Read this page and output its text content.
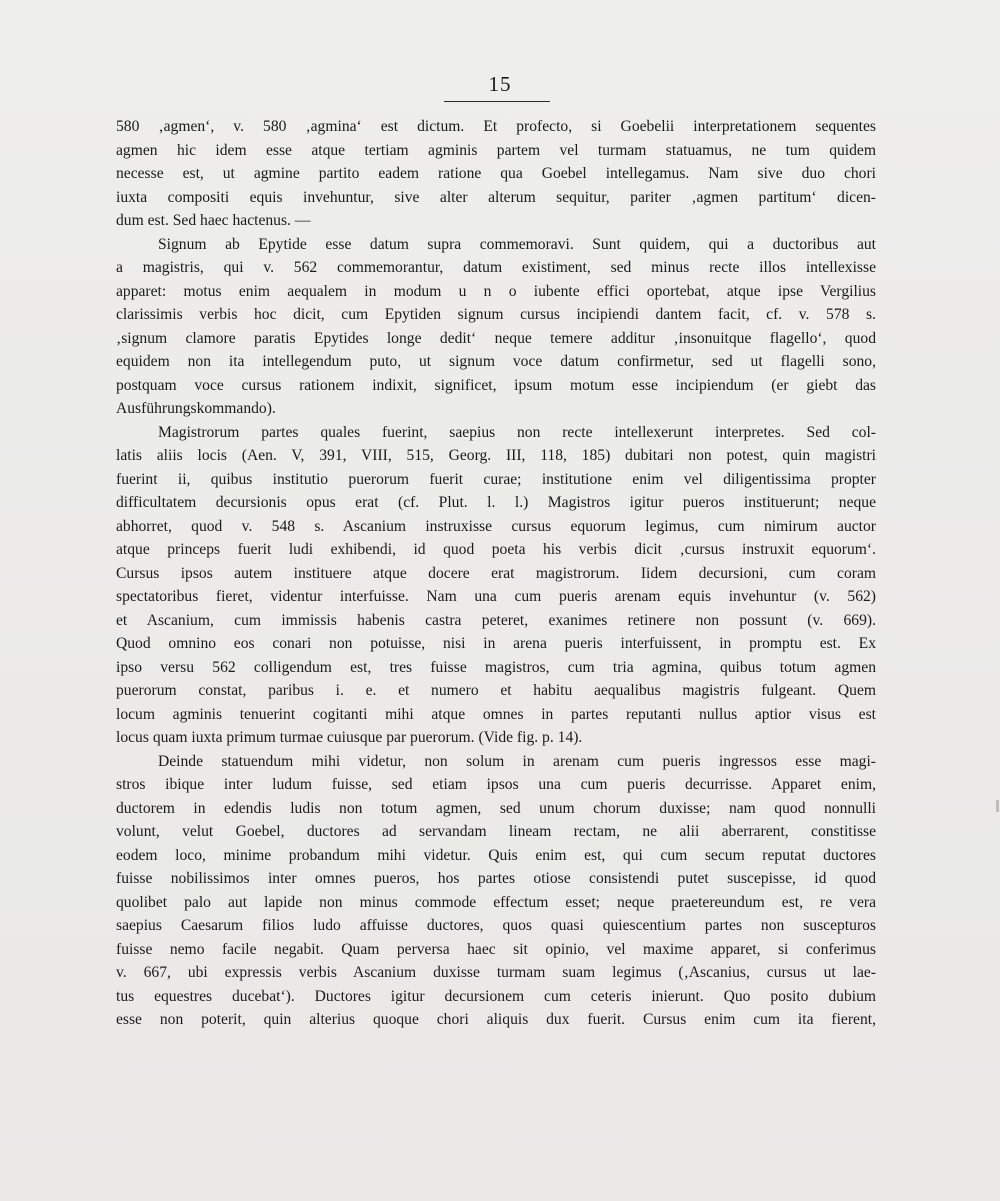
15
580 ‚agmen‘, v. 580 ‚agmina‘ est dictum. Et profecto, si Goebelii interpretationem sequentes
agmen hic idem esse atque tertiam agminis partem vel turmam statuamus, ne tum quidem
necesse est, ut agmine partito eadem ratione qua Goebel intellegamus. Nam sive duo chori
iuxta compositi equis invehuntur, sive alter alterum sequitur, pariter ‚agmen partitum‘ dicen-
dum est. Sed haec hactenus. —
Signum ab Epytide esse datum supra commemoravi. Sunt quidem, qui a ductoribus aut
a magistris, qui v. 562 commemorantur, datum existiment, sed minus recte illos intellexisse
apparet: motus enim aequalem in modum u n o iubente effici oportebat, atque ipse Vergilius
clarissimis verbis hoc dicit, cum Epytiden signum cursus incipiendi dantem facit, cf. v. 578 s.
‚signum clamore paratis Epytides longe dedit‘ neque temere additur ‚insonuitque flagello‘, quod
equidem non ita intellegendum puto, ut signum voce datum confirmetur, sed ut flagelli sono,
postquam voce cursus rationem indixit, significet, ipsum motum esse incipiendum (er giebt das
Ausführungskommando).
Magistrorum partes quales fuerint, saepius non recte intellexerunt interpretes. Sed col-
latis aliis locis (Aen. V, 391, VIII, 515, Georg. III, 118, 185) dubitari non potest, quin magistri
fuerint ii, quibus institutio puerorum fuerit curae; institutione enim vel diligentissima propter
difficultatem decursionis opus erat (cf. Plut. l. l.) Magistros igitur pueros instituerunt; neque
abhorret, quod v. 548 s. Ascanium instruxisse cursus equorum legimus, cum nimirum auctor
atque princeps fuerit ludi exhibendi, id quod poeta his verbis dicit ‚cursus instruxit equorum‘.
Cursus ipsos autem instituere atque docere erat magistrorum. Iidem decursioni, cum coram
spectatoribus fieret, videntur interfuisse. Nam una cum pueris arenam equis invehuntur (v. 562)
et Ascanium, cum immissis habenis castra peteret, exanimes retinere non possunt (v. 669).
Quod omnino eos conari non potuisse, nisi in arena pueris interfuissent, in promptu est. Ex
ipso versu 562 colligendum est, tres fuisse magistros, cum tria agmina, quibus totum agmen
puerorum constat, paribus i. e. et numero et habitu aequalibus magistris fulgeant. Quem
locum agminis tenuerint cogitanti mihi atque omnes in partes reputanti nullus aptior visus est
locus quam iuxta primum turmae cuiusque par puerorum. (Vide fig. p. 14).
Deinde statuendum mihi videtur, non solum in arenam cum pueris ingressos esse magi-
stros ibique inter ludum fuisse, sed etiam ipsos una cum pueris decurrisse. Apparet enim,
ductorem in edendis ludis non totum agmen, sed unum chorum duxisse; nam quod nonnulli
volunt, velut Goebel, ductores ad servandam lineam rectam, ne alii aberrarent, constitisse
eodem loco, minime probandum mihi videtur. Quis enim est, qui cum secum reputat ductores
fuisse nobilissimos inter omnes pueros, hos partes otiose consistendi putet suscepisse, id quod
quolibet palo aut lapide non minus commode effectum esset; neque praetereundum est, re vera
saepius Caesarum filios ludo affuisse ductores, quos quasi quiescentium partes non suscepturos
fuisse nemo facile negabit. Quam perversa haec sit opinio, vel maxime apparet, si conferimus
v. 667, ubi expressis verbis Ascanium duxisse turmam suam legimus (‚Ascanius, cursus ut lae-
tus equestres ducebat‘). Ductores igitur decursionem cum ceteris inierunt. Quo posito dubium
esse non poterit, quin alterius quoque chori aliquis dux fuerit. Cursus enim cum ita fierent,
